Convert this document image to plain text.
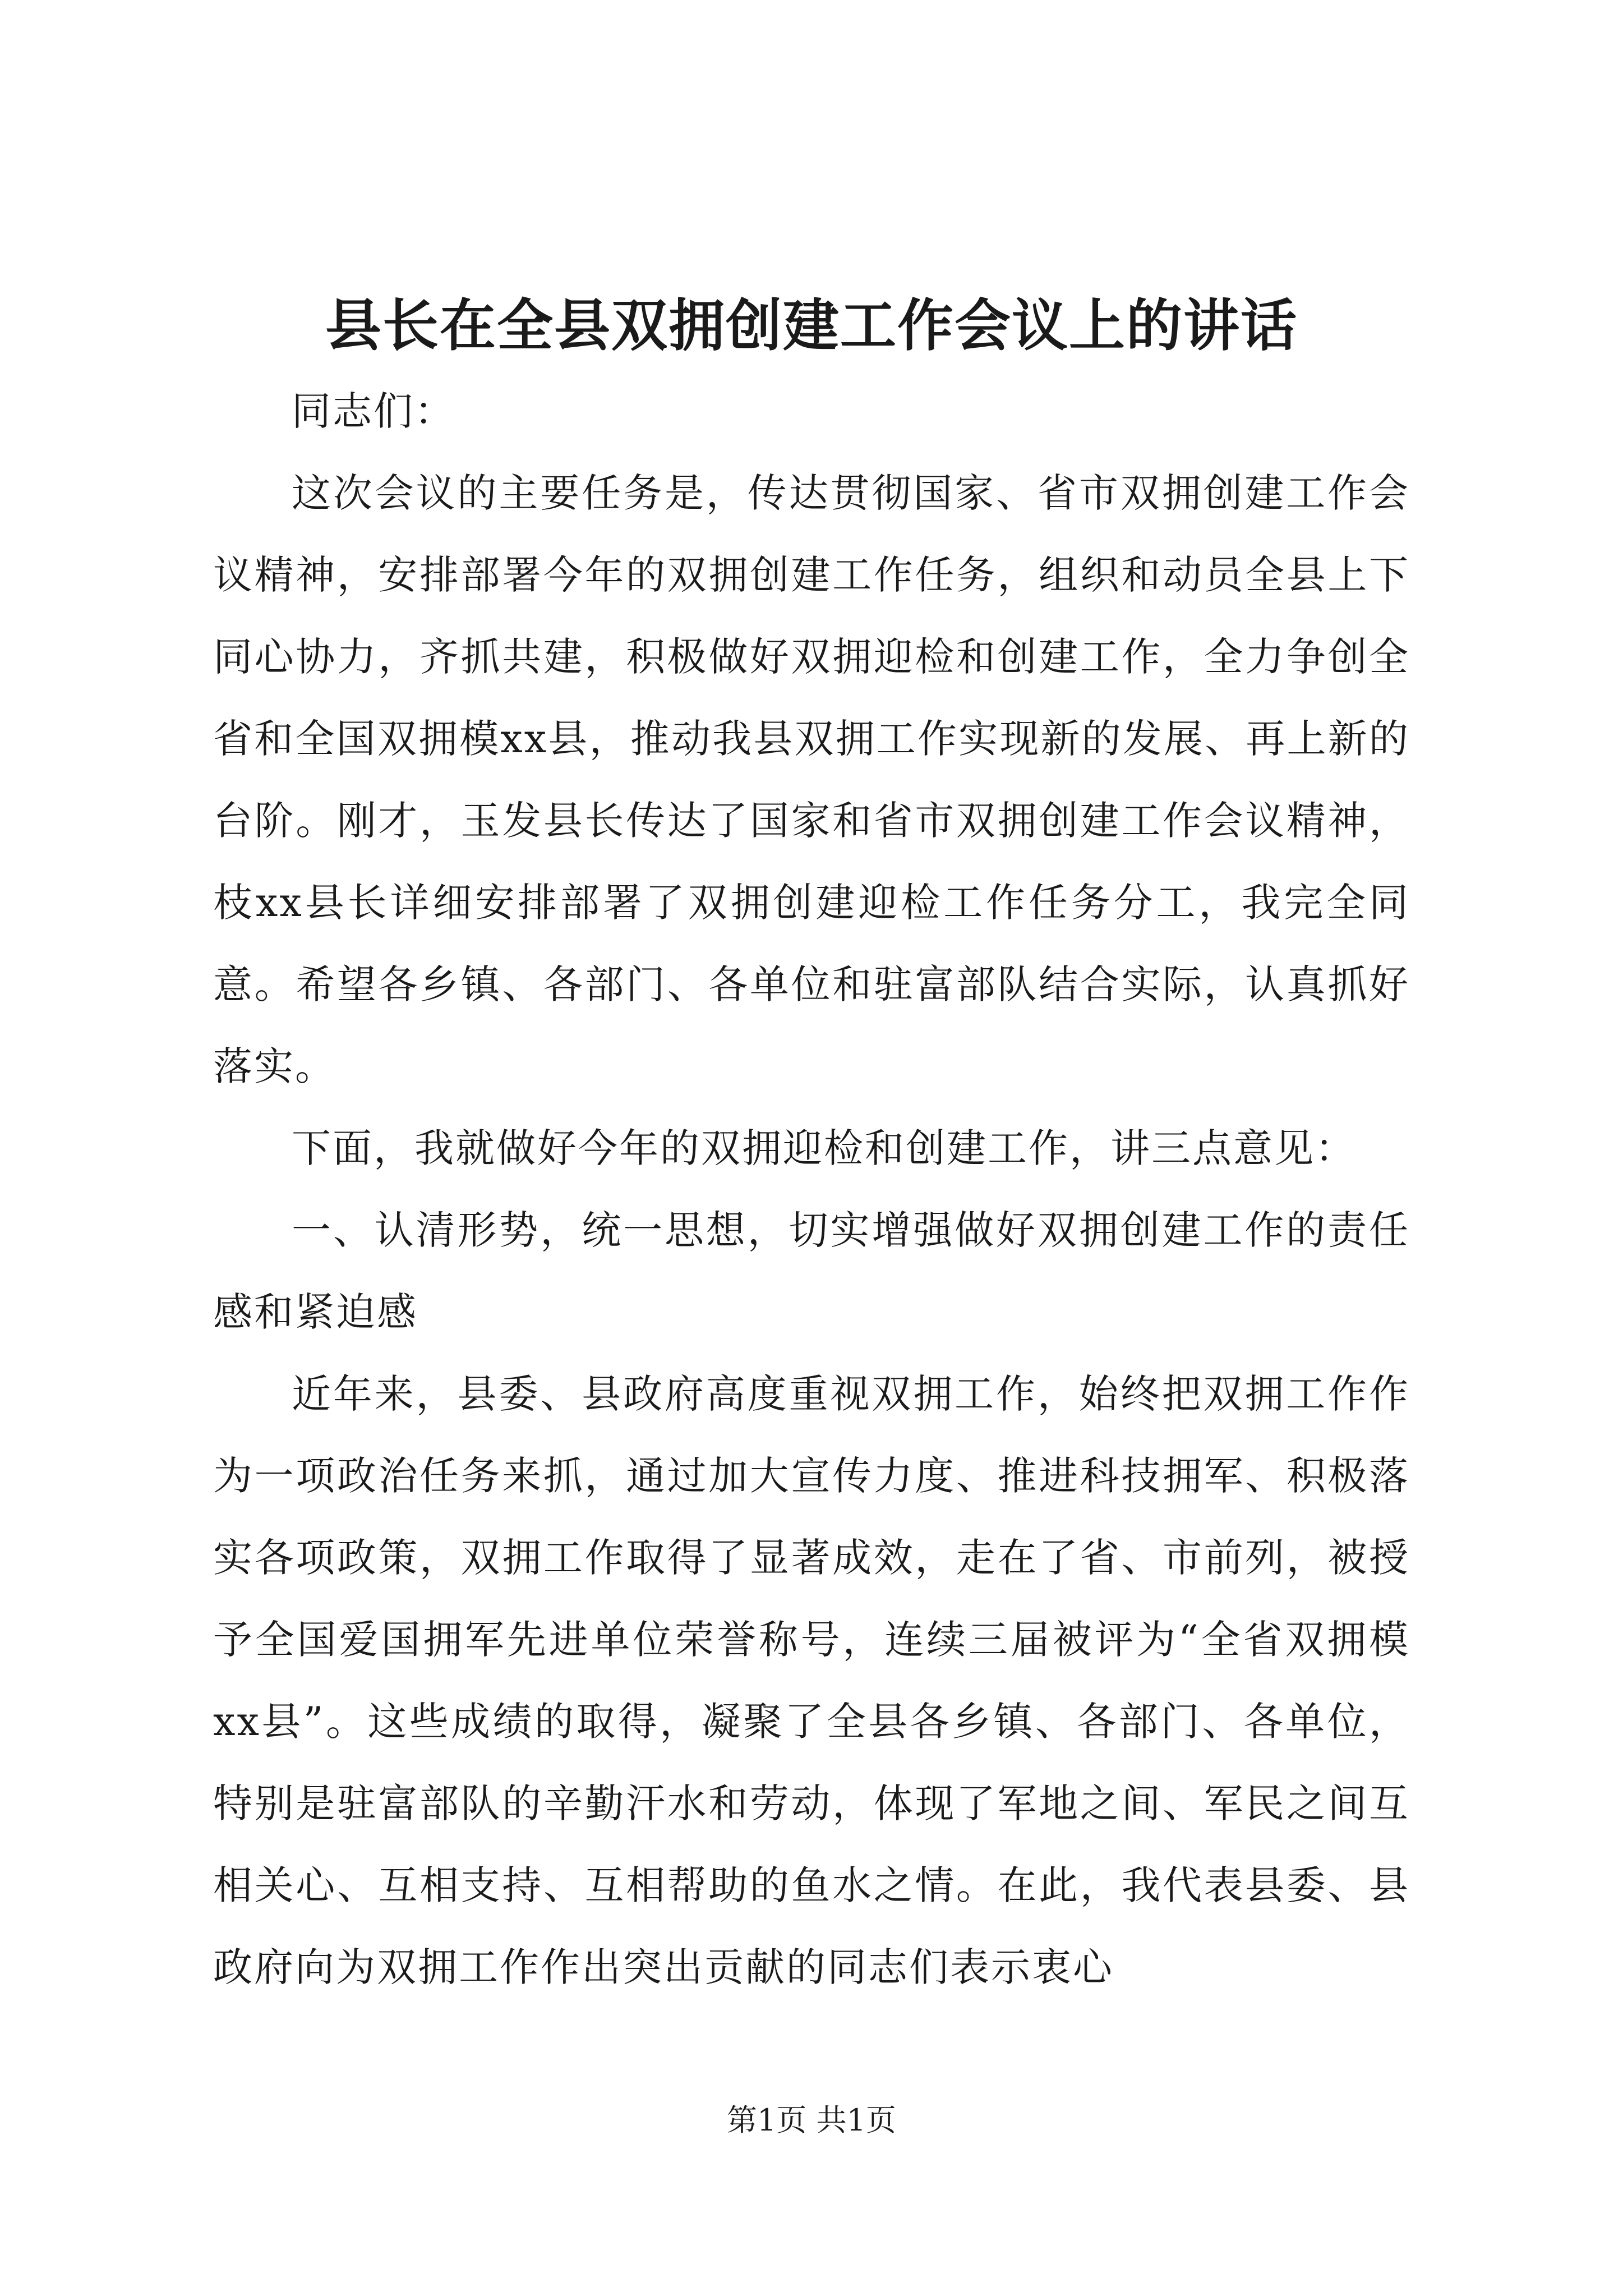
县长在全县双拥创建工作会议上的讲话

同志们：

这次会议的主要任务是，传达贯彻国家、省市双拥创建工作会议精神，安排部署今年的双拥创建工作任务，组织和动员全县上下同心协力，齐抓共建，积极做好双拥迎检和创建工作，全力争创全省和全国双拥模xx县，推动我县双拥工作实现新的发展、再上新的台阶。刚才，玉发县长传达了国家和省市双拥创建工作会议精神，枝xx县长详细安排部署了双拥创建迎检工作任务分工，我完全同意。希望各乡镇、各部门、各单位和驻富部队结合实际，认真抓好落实。

下面，我就做好今年的双拥迎检和创建工作，讲三点意见：

一、认清形势，统一思想，切实增强做好双拥创建工作的责任感和紧迫感

近年来，县委、县政府高度重视双拥工作，始终把双拥工作作为一项政治任务来抓，通过加大宣传力度、推进科技拥军、积极落实各项政策，双拥工作取得了显著成效，走在了省、市前列，被授予全国爱国拥军先进单位荣誉称号，连续三届被评为“全省双拥模xx县”。这些成绩的取得，凝聚了全县各乡镇、各部门、各单位，特别是驻富部队的辛勤汗水和劳动，体现了军地之间、军民之间互相关心、互相支持、互相帮助的鱼水之情。在此，我代表县委、县政府向为双拥工作作出突出贡献的同志们表示衷心

第1页 共1页
